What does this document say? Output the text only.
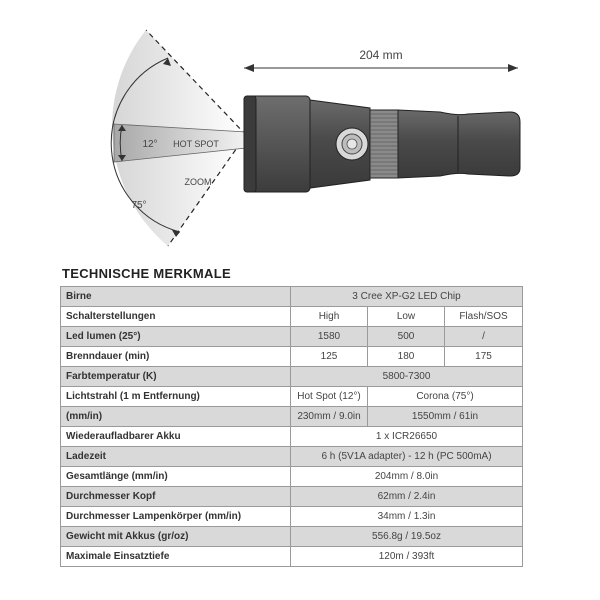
12° HOT SPOT
ZOOM
75°
204 mm
TECHNISCHE MERKMALE
Birne	3 Cree XP-G2 LED Chip		
Schalterstellungen	High	Low	Flash/SOS
Led lumen (25°)	1580	500	/
Brenndauer (min)	125	180	175
Farbtemperatur (K)	5800-7300		
Lichtstrahl (1 m Entfernung)	Hot Spot (12°)	Corona (75°)	
(mm/in)	230mm / 9.0in	1550mm / 61in	
Wiederaufladbarer Akku	1 x ICR26650		
Ladezeit	6 h (5V1A adapter) - 12 h (PC 500mA)		
Gesamtlänge (mm/in)	204mm / 8.0in		
Durchmesser Kopf	62mm / 2.4in		
Durchmesser Lampenkörper (mm/in)	34mm / 1.3in		
Gewicht mit Akkus (gr/oz)	556.8g / 19.5oz		
Maximale Einsatztiefe	120m / 393ft		
